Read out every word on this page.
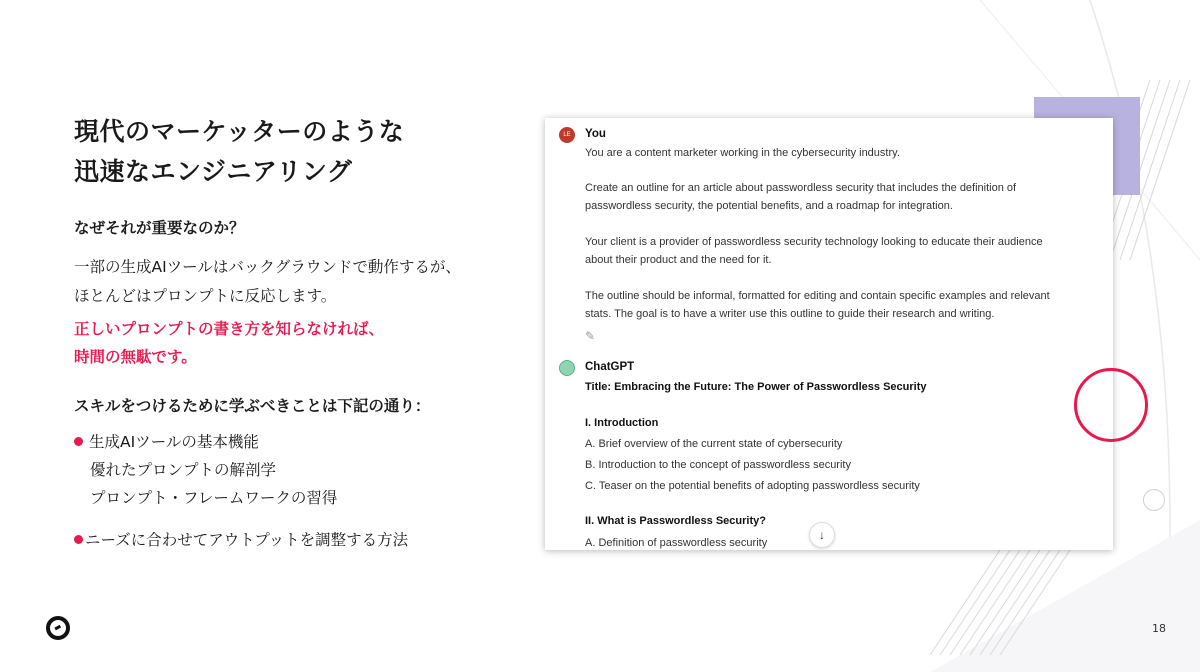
現代のマーケッターのような
迅速なエンジニアリング
なぜそれが重要なのか？
一部の生成AIツールはバックグラウンドで動作するが、
ほとんどはプロンプトに反応します。
正しいプロンプトの書き方を知らなければ、
時間の無駄です。
スキルをつけるために学ぶべきことは下記の通り：
生成AIツールの基本機能
優れたプロンプトの解剖学
プロンプト・フレームワークの習得
ニーズに合わせてアウトプットを調整する方法
LE	You
You are a content marketer working in the cybersecurity industry.
Create an outline for an article about passwordless security that includes the definition of
passwordless security, the potential benefits, and a roadmap for integration.
Your client is a provider of passwordless security technology looking to educate their audience
about their product and the need for it.
The outline should be informal, formatted for editing and contain specific examples and relevant
stats. The goal is to have a writer use this outline to guide their research and writing.
✎
ChatGPT
Title: Embracing the Future: The Power of Passwordless Security
I. Introduction
A. Brief overview of the current state of cybersecurity
B. Introduction to the concept of passwordless security
C. Teaser on the potential benefits of adopting passwordless security
II. What is Passwordless Security?
A. Definition of passwordless security
↓
18
